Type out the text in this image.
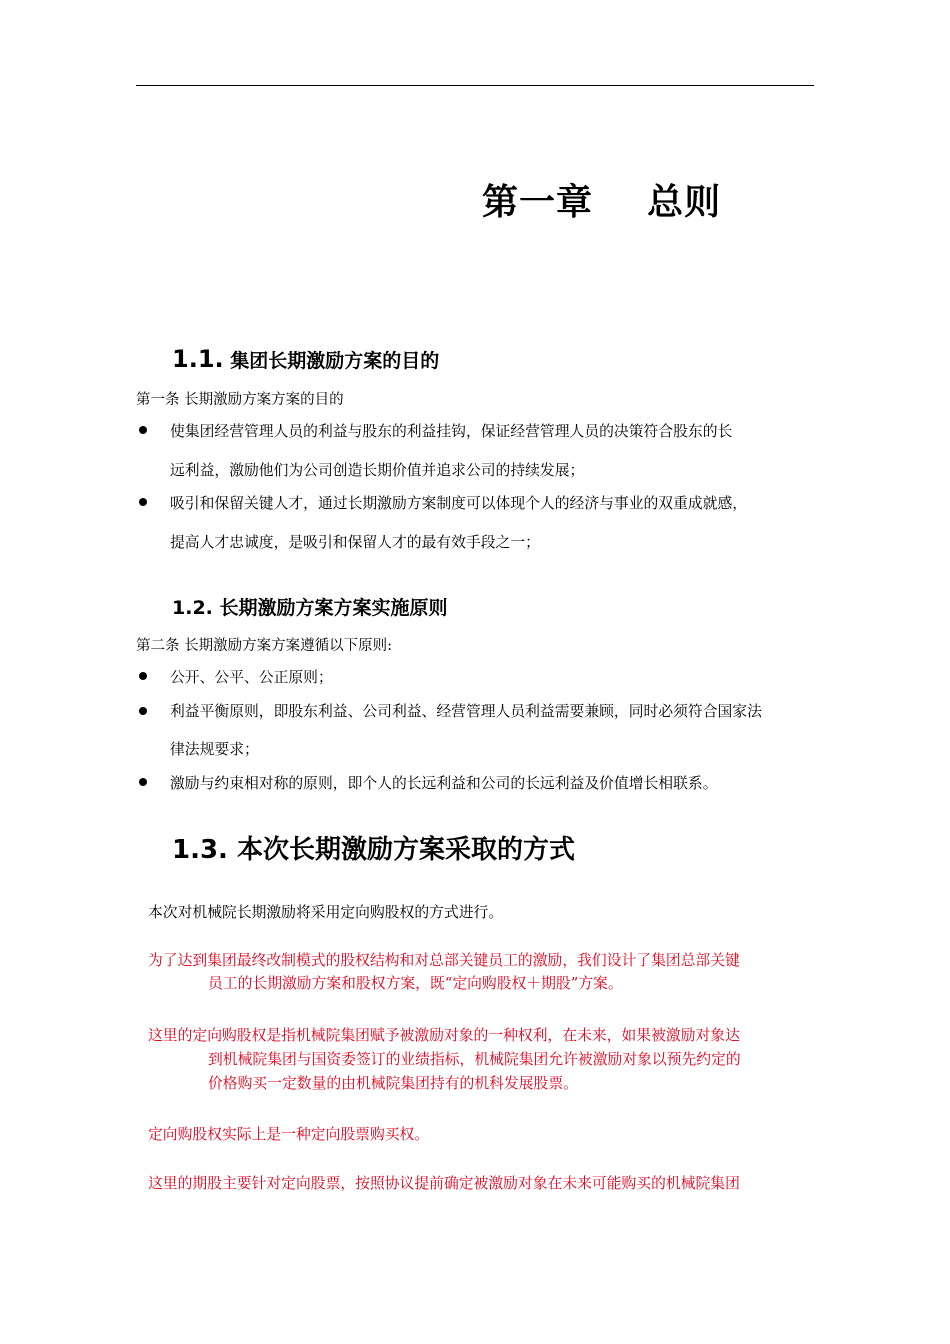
第一章    总则
1.1. 集团长期激励方案的目的
第一条 长期激励方案方案的目的
使集团经营管理人员的利益与股东的利益挂钩，保证经营管理人员的决策符合股东的长
远利益，激励他们为公司创造长期价值并追求公司的持续发展；
吸引和保留关键人才，通过长期激励方案制度可以体现个人的经济与事业的双重成就感，
提高人才忠诚度，是吸引和保留人才的最有效手段之一；
1.2. 长期激励方案方案实施原则
第二条 长期激励方案方案遵循以下原则:
公开、公平、公正原则；
利益平衡原则，即股东利益、公司利益、经营管理人员利益需要兼顾，同时必须符合国家法
律法规要求；
激励与约束相对称的原则，即个人的长远利益和公司的长远利益及价值增长相联系。
1.3. 本次长期激励方案采取的方式
本次对机械院长期激励将采用定向购股权的方式进行。
为了达到集团最终改制模式的股权结构和对总部关键员工的激励，我们设计了集团总部关键
员工的长期激励方案和股权方案，既“定向购股权＋期股”方案。
这里的定向购股权是指机械院集团赋予被激励对象的一种权利，在未来，如果被激励对象达
到机械院集团与国资委签订的业绩指标，机械院集团允许被激励对象以预先约定的
价格购买一定数量的由机械院集团持有的机科发展股票。
定向购股权实际上是一种定向股票购买权。
这里的期股主要针对定向股票，按照协议提前确定被激励对象在未来可能购买的机械院集团
